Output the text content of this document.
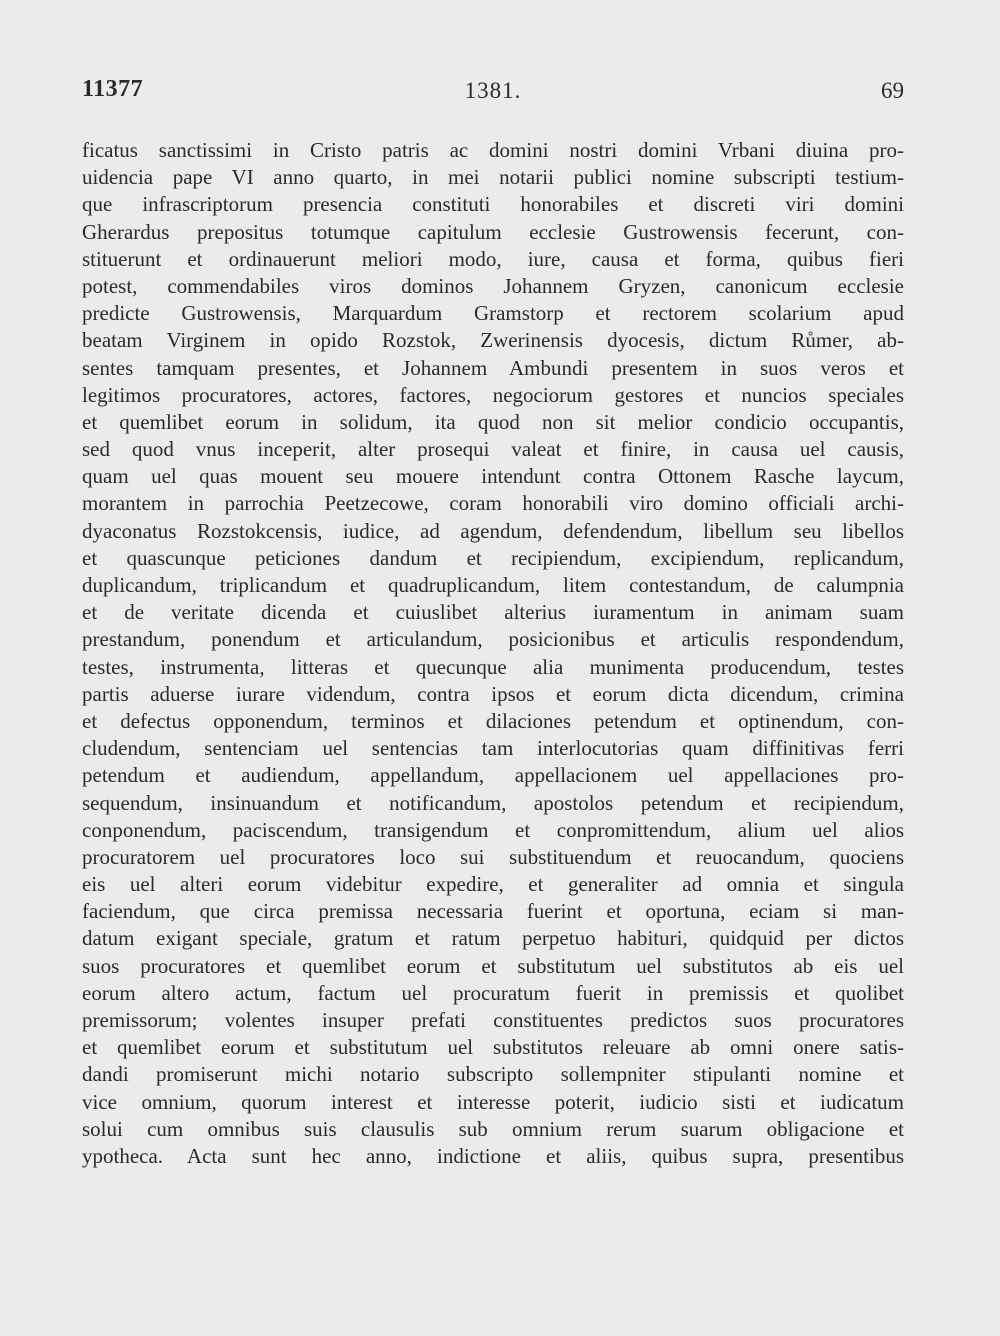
11377	1381.	69
ficatus sanctissimi in Cristo patris ac domini nostri domini Vrbani diuina pro-
uidencia pape VI anno quarto, in mei notarii publici nomine subscripti testium-
que infrascriptorum presencia constituti honorabiles et discreti viri domini
Gherardus prepositus totumque capitulum ecclesie Gustrowensis fecerunt, con-
stituerunt et ordinauerunt meliori modo, iure, causa et forma, quibus fieri
potest, commendabiles viros dominos Johannem Gryzen, canonicum ecclesie
predicte Gustrowensis, Marquardum Gramstorp et rectorem scolarium apud
beatam Virginem in opido Rozstok, Zwerinensis dyocesis, dictum Růmer, ab-
sentes tamquam presentes, et Johannem Ambundi presentem in suos veros et
legitimos procuratores, actores, factores, negociorum gestores et nuncios speciales
et quemlibet eorum in solidum, ita quod non sit melior condicio occupantis,
sed quod vnus inceperit, alter prosequi valeat et finire, in causa uel causis,
quam uel quas mouent seu mouere intendunt contra Ottonem Rasche laycum,
morantem in parrochia Peetzecowe, coram honorabili viro domino officiali archi-
dyaconatus Rozstokcensis, iudice, ad agendum, defendendum, libellum seu libellos
et quascunque peticiones dandum et recipiendum, excipiendum, replicandum,
duplicandum, triplicandum et quadruplicandum, litem contestandum, de calumpnia
et de veritate dicenda et cuiuslibet alterius iuramentum in animam suam
prestandum, ponendum et articulandum, posicionibus et articulis respondendum,
testes, instrumenta, litteras et quecunque alia munimenta producendum, testes
partis aduerse iurare videndum, contra ipsos et eorum dicta dicendum, crimina
et defectus opponendum, terminos et dilaciones petendum et optinendum, con-
cludendum, sentenciam uel sentencias tam interlocutorias quam diffinitivas ferri
petendum et audiendum, appellandum, appellacionem uel appellaciones pro-
sequendum, insinuandum et notificandum, apostolos petendum et recipiendum,
conponendum, paciscendum, transigendum et conpromittendum, alium uel alios
procuratorem uel procuratores loco sui substituendum et reuocandum, quociens
eis uel alteri eorum videbitur expedire, et generaliter ad omnia et singula
faciendum, que circa premissa necessaria fuerint et oportuna, eciam si man-
datum exigant speciale, gratum et ratum perpetuo habituri, quidquid per dictos
suos procuratores et quemlibet eorum et substitutum uel substitutos ab eis uel
eorum altero actum, factum uel procuratum fuerit in premissis et quolibet
premissorum; volentes insuper prefati constituentes predictos suos procuratores
et quemlibet eorum et substitutum uel substitutos releuare ab omni onere satis-
dandi promiserunt michi notario subscripto sollempniter stipulanti nomine et
vice omnium, quorum interest et interesse poterit, iudicio sisti et iudicatum
solui cum omnibus suis clausulis sub omnium rerum suarum obligacione et
ypotheca. Acta sunt hec anno, indictione et aliis, quibus supra, presentibus
